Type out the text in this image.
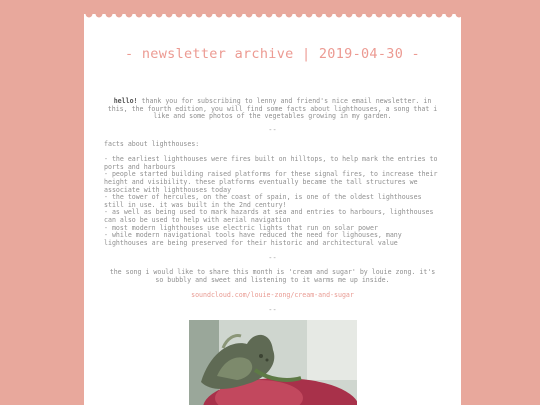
- newsletter archive | 2019-04-30 -
hello! thank you for subscribing to lenny and friend's nice email newsletter. in this, the fourth edition, you will find some facts about lighthouses, a song that i like and some photos of the vegetables growing in my garden.
--
facts about lighthouses:
- the earliest lighthouses were fires built on hilltops, to help mark the entries to ports and harbours
- people started building raised platforms for these signal fires, to increase their height and visibility. these platforms eventually became the tall structures we associate with lighthouses today
- the tower of hercules, on the coast of spain, is one of the oldest lighthouses still in use. it was built in the 2nd century!
- as well as being used to mark hazards at sea and entries to harbours, lighthouses can also be used to help with aerial navigation
- most modern lighthouses use electric lights that run on solar power
- while modern navigational tools have reduced the need for lighouses, many lighthouses are being preserved for their historic and architectural value
--
the song i would like to share this month is 'cream and sugar' by louie zong. it's so bubbly and sweet and listening to it warms me up inside.
soundcloud.com/louie-zong/cream-and-sugar
--
